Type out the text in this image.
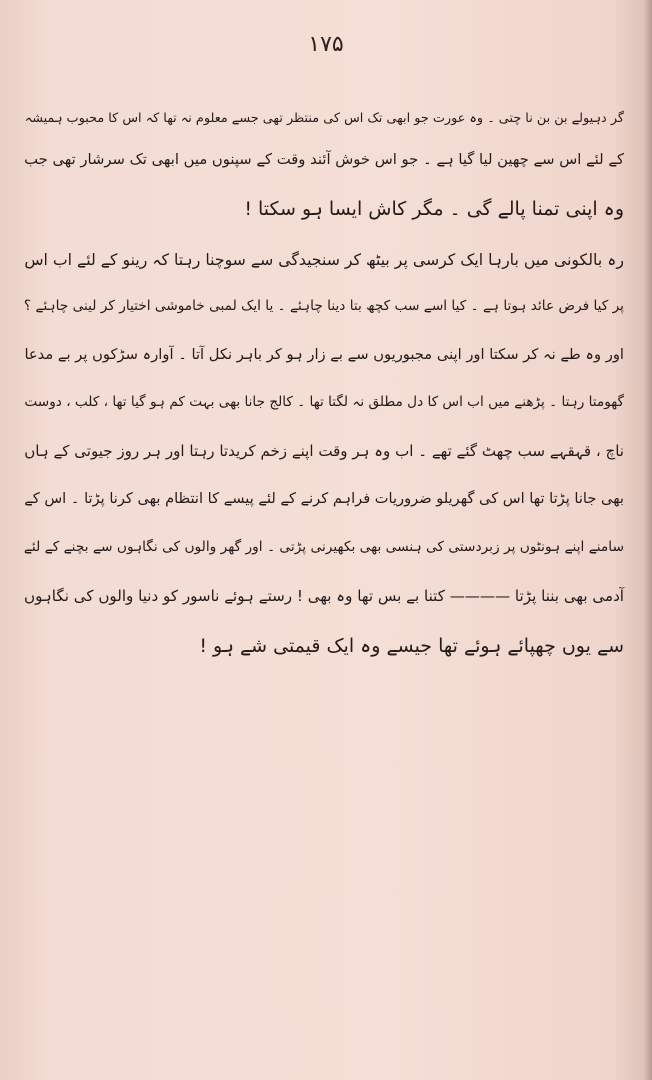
۱۷۵
گر دہیولے بن بن نا چتی ۔ وہ عورت جو ابھی تک اس کی منتظر تھی جسے معلوم نہ تھا کہ اس کا محبوب ہمیشہ
کے لئے اس سے چھین لیا گیا ہے ۔ جو اس خوش آئند وقت کے سپنوں میں ابھی تک سرشار تھی جب
وہ اپنی تمنا پالے گی ۔ مگر کاش ایسا ہو سکتا !
رہ بالکونی میں بارہا ایک کرسی پر بیٹھ کر سنجیدگی سے سوچنا رہتا کہ رینو کے لئے اب اس
پر کیا فرض عائد ہوتا ہے ۔ کیا اسے سب کچھ بتا دینا چاہئے ۔ یا ایک لمبی خاموشی اختیار کر لینی چاہئے ؟
اور وہ طے نہ کر سکتا اور اپنی مجبوریوں سے بے زار ہو کر باہر نکل آتا ۔ آوارہ سڑکوں پر بے مدعا
گھومتا رہتا ۔ پڑھنے میں اب اس کا دل مطلق نہ لگتا تھا ۔ کالج جانا بھی بہت کم ہو گیا تھا ، کلب ، دوست
ناچ ، قہقہے سب چھٹ گئے تھے ۔ اب وہ ہر وقت اپنے زخم کریدتا رہتا اور ہر روز جیوتی کے ہاں
بھی جانا پڑتا تھا اس کی گھریلو ضروریات فراہم کرنے کے لئے پیسے کا انتظام بھی کرنا پڑتا ۔ اس کے
سامنے اپنے ہونٹوں پر زبردستی کی ہنسی بھی بکھیرنی پڑتی ۔ اور گھر والوں کی نگاہوں سے بچنے کے لئے
آدمی بھی بننا پڑتا ———— کتنا بے بس تھا وہ بھی ! رستے ہوئے ناسور کو دنیا والوں کی نگاہوں
سے یوں چھپائے ہوئے تھا جیسے وہ ایک قیمتی شے ہو !
